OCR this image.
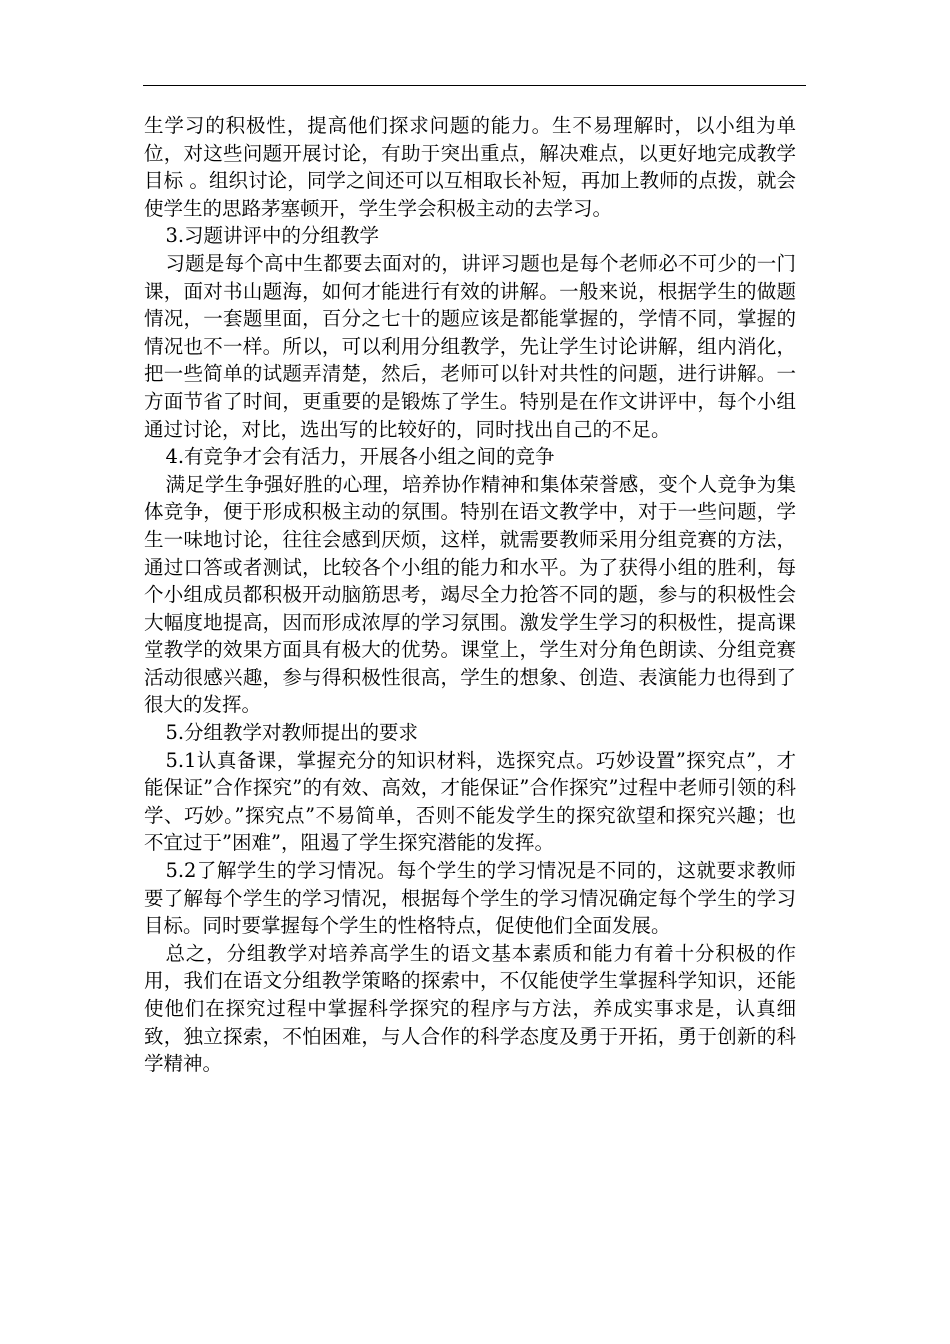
生学习的积极性，提高他们探求问题的能力。生不易理解时，以小组为单位，对这些问题开展讨论，有助于突出重点，解决难点，以更好地完成教学目标 。组织讨论，同学之间还可以互相取长补短，再加上教师的点拨，就会使学生的思路茅塞顿开，学生学会积极主动的去学习。

3.习题讲评中的分组教学

习题是每个高中生都要去面对的，讲评习题也是每个老师必不可少的一门课，面对书山题海，如何才能进行有效的讲解。一般来说，根据学生的做题情况，一套题里面，百分之七十的题应该是都能掌握的，学情不同，掌握的情况也不一样。所以，可以利用分组教学，先让学生讨论讲解，组内消化，把一些简单的试题弄清楚，然后，老师可以针对共性的问题，进行讲解。一方面节省了时间，更重要的是锻炼了学生。特别是在作文讲评中，每个小组通过讨论，对比，选出写的比较好的，同时找出自己的不足。

4.有竞争才会有活力，开展各小组之间的竞争

满足学生争强好胜的心理，培养协作精神和集体荣誉感，变个人竞争为集体竞争，便于形成积极主动的氛围。特别在语文教学中，对于一些问题，学生一味地讨论，往往会感到厌烦，这样，就需要教师采用分组竞赛的方法，通过口答或者测试，比较各个小组的能力和水平。为了获得小组的胜利，每个小组成员都积极开动脑筋思考，竭尽全力抢答不同的题，参与的积极性会大幅度地提高，因而形成浓厚的学习氛围。激发学生学习的积极性，提高课堂教学的效果方面具有极大的优势。课堂上，学生对分角色朗读、分组竞赛活动很感兴趣，参与得积极性很高，学生的想象、创造、表演能力也得到了很大的发挥。

5.分组教学对教师提出的要求

5.1认真备课，掌握充分的知识材料，选探究点。巧妙设置”探究点”，才能保证”合作探究”的有效、高效，才能保证”合作探究”过程中老师引领的科学、巧妙。”探究点”不易简单，否则不能发学生的探究欲望和探究兴趣；也不宜过于”困难”，阻遏了学生探究潜能的发挥。

5.2了解学生的学习情况。每个学生的学习情况是不同的，这就要求教师要了解每个学生的学习情况，根据每个学生的学习情况确定每个学生的学习目标。同时要掌握每个学生的性格特点，促使他们全面发展。

总之，分组教学对培养高学生的语文基本素质和能力有着十分积极的作用，我们在语文分组教学策略的探索中，不仅能使学生掌握科学知识，还能使他们在探究过程中掌握科学探究的程序与方法，养成实事求是，认真细致，独立探索，不怕困难，与人合作的科学态度及勇于开拓，勇于创新的科学精神。
